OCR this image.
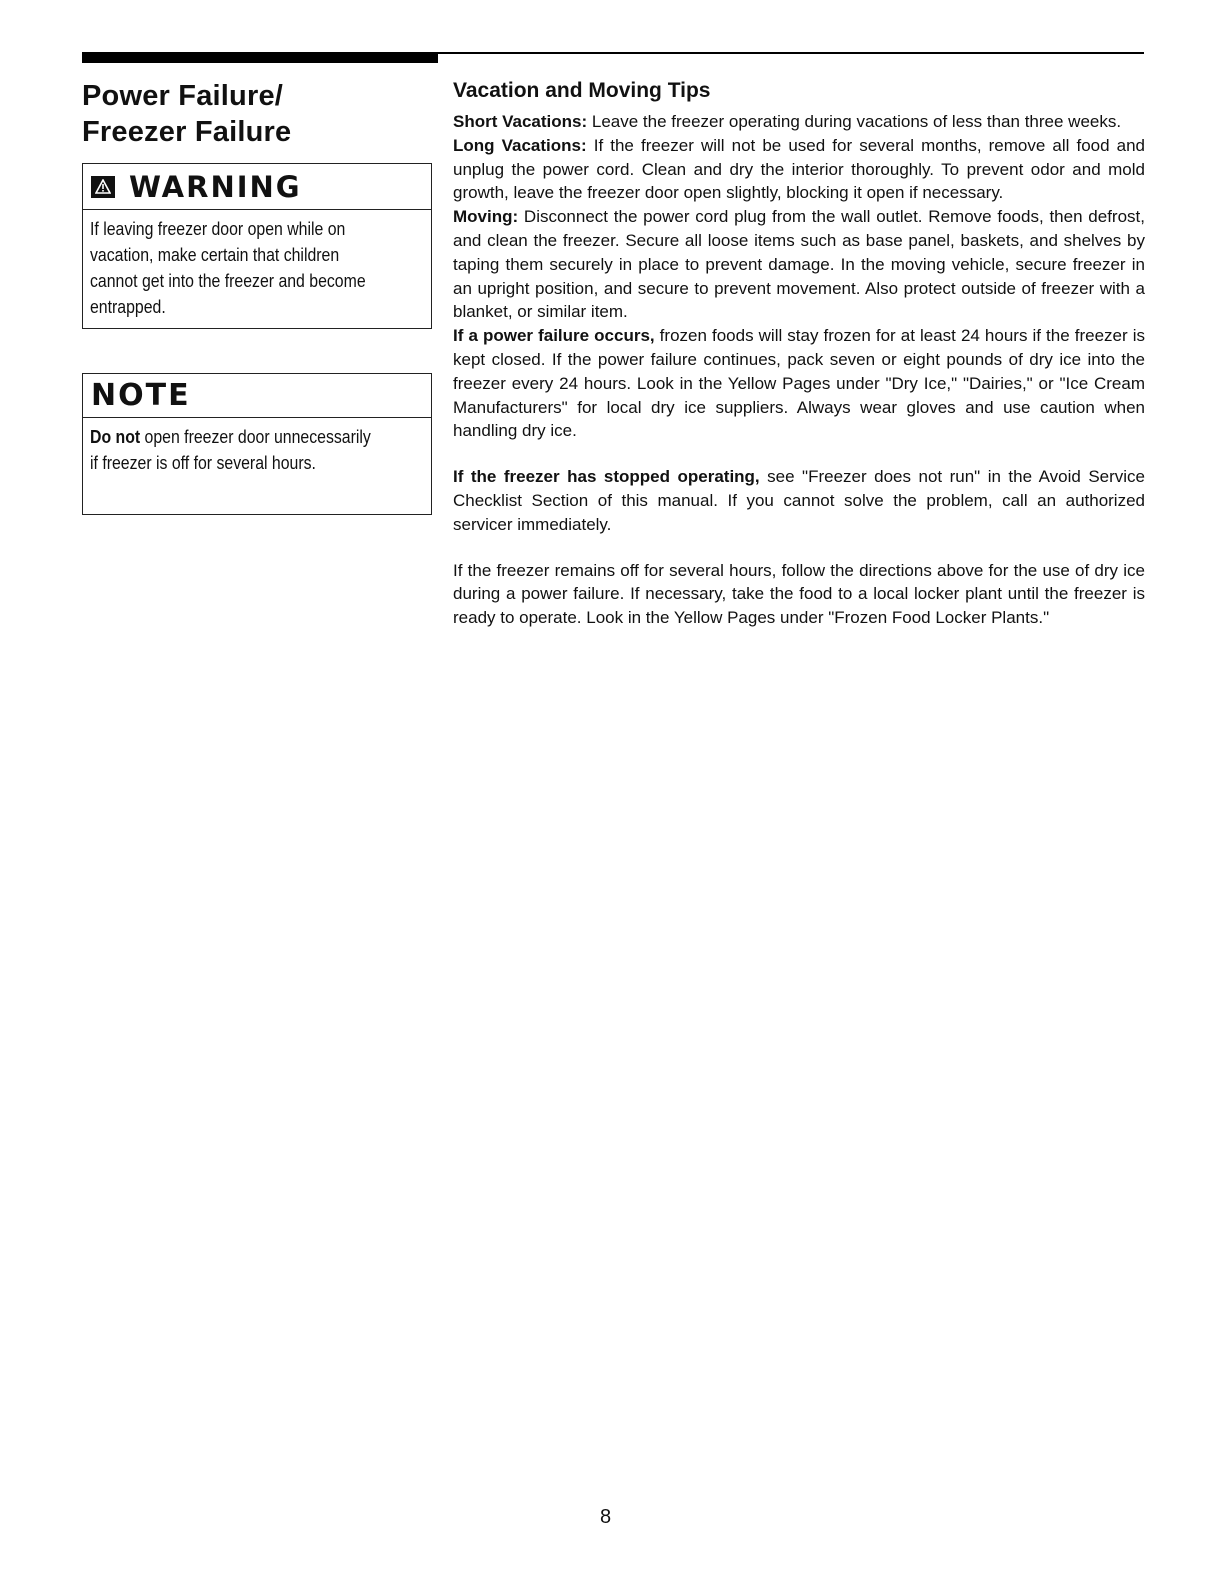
Power Failure/
Freezer Failure
WARNING
If leaving freezer door open while on
vacation, make certain that children
cannot get into the freezer and become
entrapped.
NOTE
Do not open freezer door unnecessarily
if freezer is off for several hours.
Vacation and Moving Tips

Short Vacations: Leave the freezer operating during vacations of less than three weeks.

Long Vacations: If the freezer will not be used for several months, remove all food and unplug the power cord. Clean and dry the interior thoroughly. To prevent odor and mold growth, leave the freezer door open slightly, blocking it open if necessary.

Moving: Disconnect the power cord plug from the wall outlet. Remove foods, then defrost, and clean the freezer. Secure all loose items such as base panel, baskets, and shelves by taping them securely in place to prevent damage. In the moving vehicle, secure freezer in an upright position, and secure to prevent movement. Also protect outside of freezer with a blanket, or similar item.

If a power failure occurs, frozen foods will stay frozen for at least 24 hours if the freezer is kept closed. If the power failure continues, pack seven or eight pounds of dry ice into the freezer every 24 hours. Look in the Yellow Pages under "Dry Ice," "Dairies," or "Ice Cream Manufacturers" for local dry ice suppliers. Always wear gloves and use caution when handling dry ice.

If the freezer has stopped operating, see "Freezer does not run" in the Avoid Service Checklist Section of this manual. If you cannot solve the problem, call an authorized servicer immediately.

If the freezer remains off for several hours, follow the directions above for the use of dry ice during a power failure. If necessary, take the food to a local locker plant until the freezer is ready to operate. Look in the Yellow Pages under "Frozen Food Locker Plants."

8
